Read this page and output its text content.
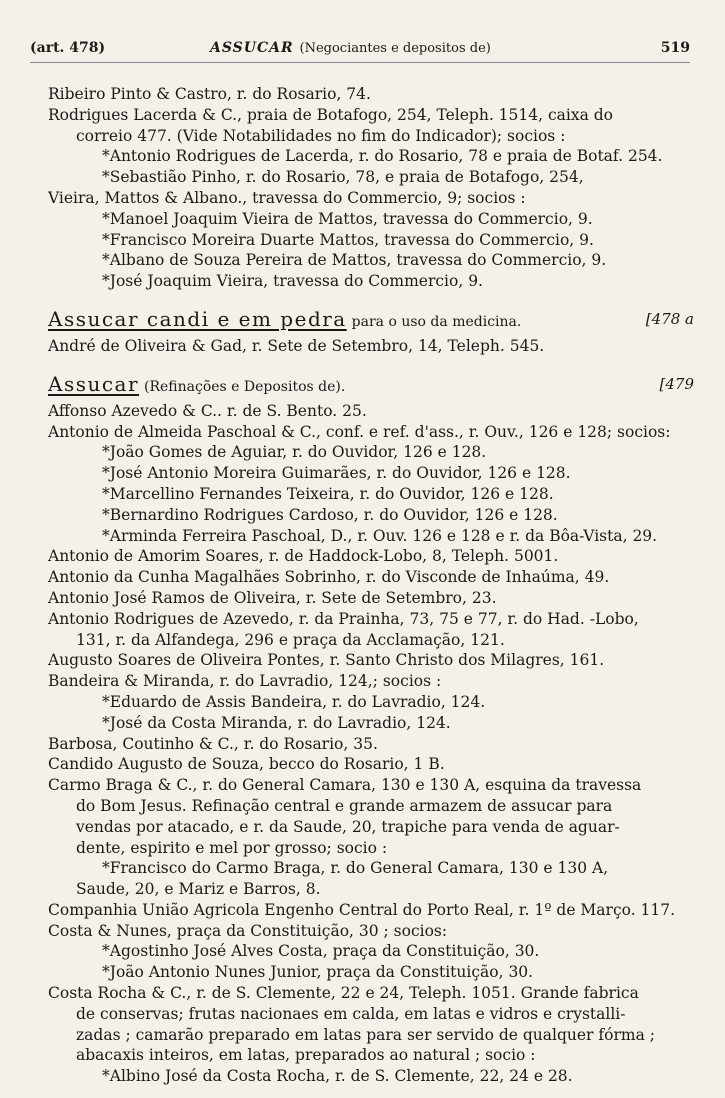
(art. 478)	ASSUCAR (Negociantes e depositos de)	519
Ribeiro Pinto & Castro, r. do Rosario, 74.
Rodrigues Lacerda & C., praia de Botafogo, 254, Teleph. 1514, caixa do
correio 477. (Vide Notabilidades no fim do Indicador); socios :
*Antonio Rodrigues de Lacerda, r. do Rosario, 78 e praia de Botaf. 254.
*Sebastião Pinho, r. do Rosario, 78, e praia de Botafogo, 254,
Vieira, Mattos & Albano., travessa do Commercio, 9; socios :
*Manoel Joaquim Vieira de Mattos, travessa do Commercio, 9.
*Francisco Moreira Duarte Mattos, travessa do Commercio, 9.
*Albano de Souza Pereira de Mattos, travessa do Commercio, 9.
*José Joaquim Vieira, travessa do Commercio, 9.
Assucar candi e em pedra para o uso da medicina.	[478 a
André de Oliveira & Gad, r. Sete de Setembro, 14, Teleph. 545.
Assucar (Refinações e Depositos de).	[479
Affonso Azevedo & C.. r. de S. Bento. 25.
Antonio de Almeida Paschoal & C., conf. e ref. d'ass., r. Ouv., 126 e 128; socios:
*João Gomes de Aguiar, r. do Ouvidor, 126 e 128.
*José Antonio Moreira Guimarães, r. do Ouvidor, 126 e 128.
*Marcellino Fernandes Teixeira, r. do Ouvidor, 126 e 128.
*Bernardino Rodrigues Cardoso, r. do Ouvidor, 126 e 128.
*Arminda Ferreira Paschoal, D., r. Ouv. 126 e 128 e r. da Bôa-Vista, 29.
Antonio de Amorim Soares, r. de Haddock-Lobo, 8, Teleph. 5001.
Antonio da Cunha Magalhães Sobrinho, r. do Visconde de Inhaúma, 49.
Antonio José Ramos de Oliveira, r. Sete de Setembro, 23.
Antonio Rodrigues de Azevedo, r. da Prainha, 73, 75 e 77, r. do Had. -Lobo,
131, r. da Alfandega, 296 e praça da Acclamação, 121.
Augusto Soares de Oliveira Pontes, r. Santo Christo dos Milagres, 161.
Bandeira & Miranda, r. do Lavradio, 124,; socios :
*Eduardo de Assis Bandeira, r. do Lavradio, 124.
*José da Costa Miranda, r. do Lavradio, 124.
Barbosa, Coutinho & C., r. do Rosario, 35.
Candido Augusto de Souza, becco do Rosario, 1 B.
Carmo Braga & C., r. do General Camara, 130 e 130 A, esquina da travessa
do Bom Jesus. Refinação central e grande armazem de assucar para
vendas por atacado, e r. da Saude, 20, trapiche para venda de aguar-
dente, espirito e mel por grosso; socio :
*Francisco do Carmo Braga, r. do General Camara, 130 e 130 A,
Saude, 20, e Mariz e Barros, 8.
Companhia União Agricola Engenho Central do Porto Real, r. 1º de Março. 117.
Costa & Nunes, praça da Constituição, 30 ; socios:
*Agostinho José Alves Costa, praça da Constituição, 30.
*João Antonio Nunes Junior, praça da Constituição, 30.
Costa Rocha & C., r. de S. Clemente, 22 e 24, Teleph. 1051. Grande fabrica
de conservas; frutas nacionaes em calda, em latas e vidros e crystalli-
zadas ; camarão preparado em latas para ser servido de qualquer fórma ;
abacaxis inteiros, em latas, preparados ao natural ; socio :
*Albino José da Costa Rocha, r. de S. Clemente, 22, 24 e 28.
